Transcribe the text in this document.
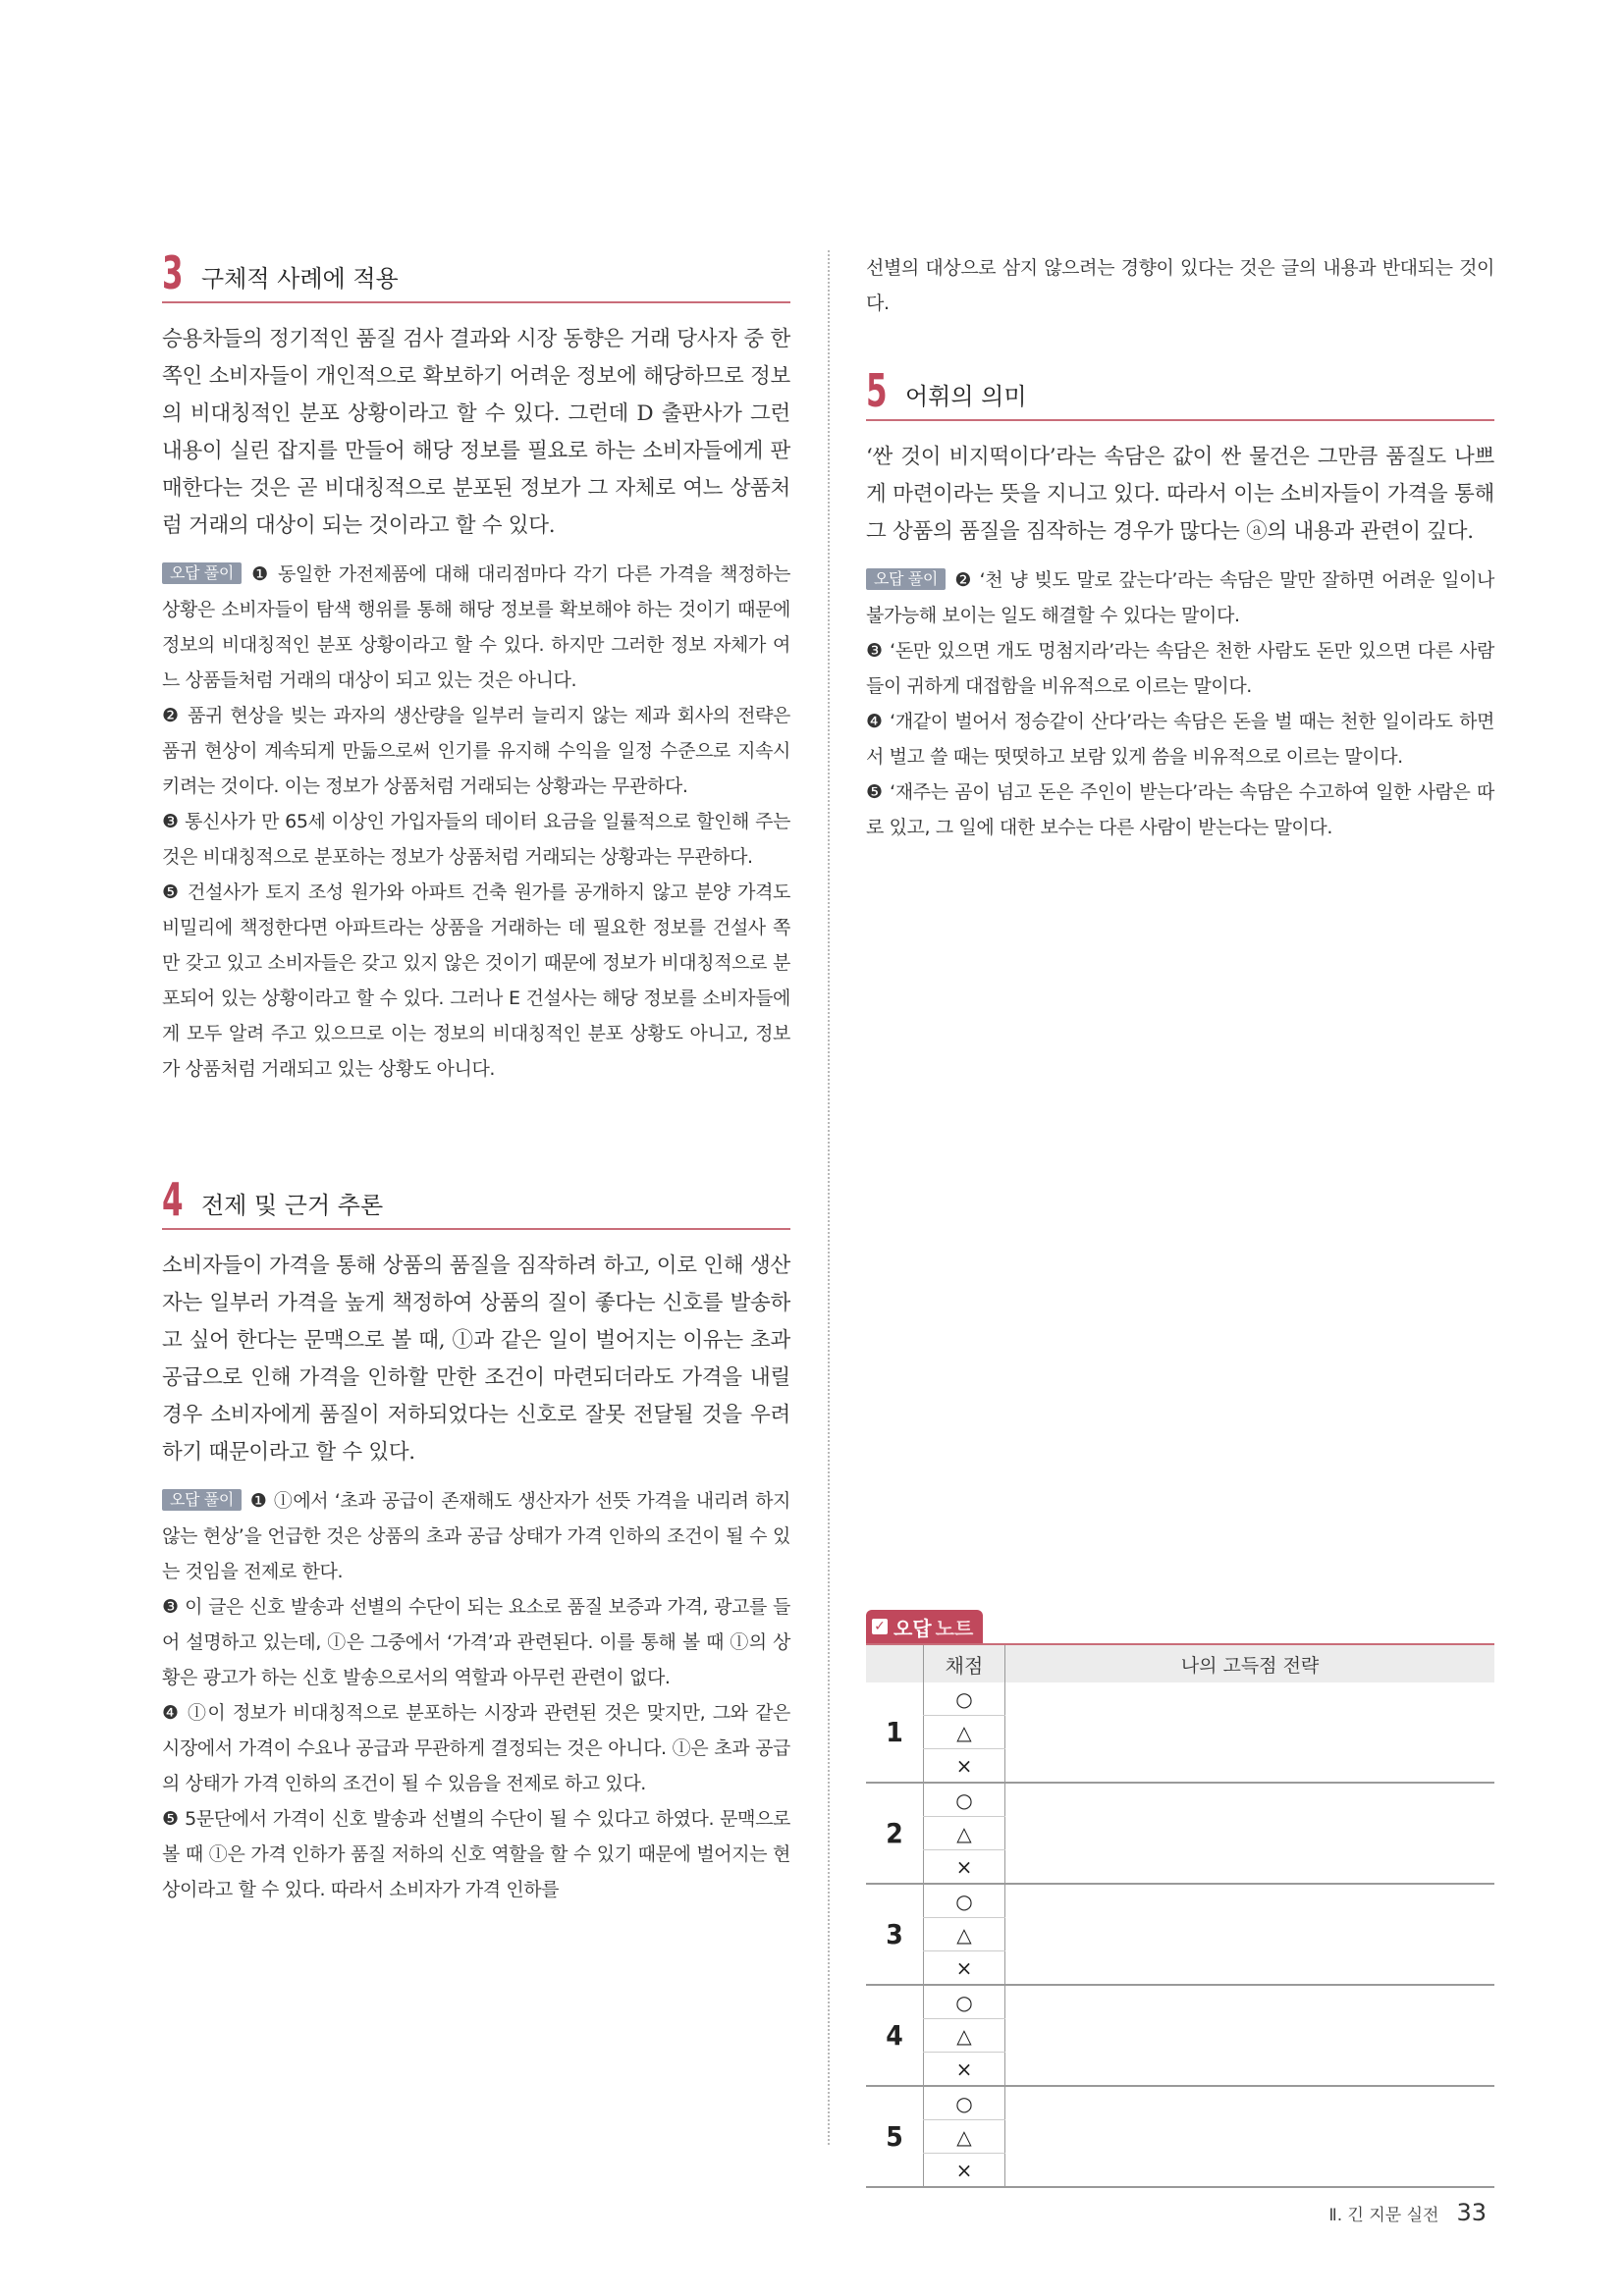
3 구체적 사례에 적용

승용차들의 정기적인 품질 검사 결과와 시장 동향은 거래 당사자 중 한쪽인 소비자들이 개인적으로 확보하기 어려운 정보에 해당하므로 정보의 비대칭적인 분포 상황이라고 할 수 있다. 그런데 D 출판사가 그런 내용이 실린 잡지를 만들어 해당 정보를 필요로 하는 소비자들에게 판매한다는 것은 곧 비대칭적으로 분포된 정보가 그 자체로 여느 상품처럼 거래의 대상이 되는 것이라고 할 수 있다.

오답 풀이 ❶ 동일한 가전제품에 대해 대리점마다 각기 다른 가격을 책정하는 상황은 소비자들이 탐색 행위를 통해 해당 정보를 확보해야 하는 것이기 때문에 정보의 비대칭적인 분포 상황이라고 할 수 있다. 하지만 그러한 정보 자체가 여느 상품들처럼 거래의 대상이 되고 있는 것은 아니다.

❷ 품귀 현상을 빚는 과자의 생산량을 일부러 늘리지 않는 제과 회사의 전략은 품귀 현상이 계속되게 만듦으로써 인기를 유지해 수익을 일정 수준으로 지속시키려는 것이다. 이는 정보가 상품처럼 거래되는 상황과는 무관하다.

❸ 통신사가 만 65세 이상인 가입자들의 데이터 요금을 일률적으로 할인해 주는 것은 비대칭적으로 분포하는 정보가 상품처럼 거래되는 상황과는 무관하다.

❺ 건설사가 토지 조성 원가와 아파트 건축 원가를 공개하지 않고 분양 가격도 비밀리에 책정한다면 아파트라는 상품을 거래하는 데 필요한 정보를 건설사 쪽만 갖고 있고 소비자들은 갖고 있지 않은 것이기 때문에 정보가 비대칭적으로 분포되어 있는 상황이라고 할 수 있다. 그러나 E 건설사는 해당 정보를 소비자들에게 모두 알려 주고 있으므로 이는 정보의 비대칭적인 분포 상황도 아니고, 정보가 상품처럼 거래되고 있는 상황도 아니다.

4 전제 및 근거 추론

소비자들이 가격을 통해 상품의 품질을 짐작하려 하고, 이로 인해 생산자는 일부러 가격을 높게 책정하여 상품의 질이 좋다는 신호를 발송하고 싶어 한다는 문맥으로 볼 때, ⓛ과 같은 일이 벌어지는 이유는 초과 공급으로 인해 가격을 인하할 만한 조건이 마련되더라도 가격을 내릴 경우 소비자에게 품질이 저하되었다는 신호로 잘못 전달될 것을 우려하기 때문이라고 할 수 있다.

오답 풀이 ❶ ⓛ에서 ‘초과 공급이 존재해도 생산자가 선뜻 가격을 내리려 하지 않는 현상’을 언급한 것은 상품의 초과 공급 상태가 가격 인하의 조건이 될 수 있는 것임을 전제로 한다.

❸ 이 글은 신호 발송과 선별의 수단이 되는 요소로 품질 보증과 가격, 광고를 들어 설명하고 있는데, ⓛ은 그중에서 ‘가격’과 관련된다. 이를 통해 볼 때 ⓛ의 상황은 광고가 하는 신호 발송으로서의 역할과 아무런 관련이 없다.

❹ ⓛ이 정보가 비대칭적으로 분포하는 시장과 관련된 것은 맞지만, 그와 같은 시장에서 가격이 수요나 공급과 무관하게 결정되는 것은 아니다. ⓛ은 초과 공급의 상태가 가격 인하의 조건이 될 수 있음을 전제로 하고 있다.

❺ 5문단에서 가격이 신호 발송과 선별의 수단이 될 수 있다고 하였다. 문맥으로 볼 때 ⓛ은 가격 인하가 품질 저하의 신호 역할을 할 수 있기 때문에 벌어지는 현상이라고 할 수 있다. 따라서 소비자가 가격 인하를

선별의 대상으로 삼지 않으려는 경향이 있다는 것은 글의 내용과 반대되는 것이다.

5 어휘의 의미

‘싼 것이 비지떡이다’라는 속담은 값이 싼 물건은 그만큼 품질도 나쁘게 마련이라는 뜻을 지니고 있다. 따라서 이는 소비자들이 가격을 통해 그 상품의 품질을 짐작하는 경우가 많다는 ⓐ의 내용과 관련이 깊다.

오답 풀이 ❷ ‘천 냥 빚도 말로 갚는다’라는 속담은 말만 잘하면 어려운 일이나 불가능해 보이는 일도 해결할 수 있다는 말이다.

❸ ‘돈만 있으면 개도 멍첨지라’라는 속담은 천한 사람도 돈만 있으면 다른 사람들이 귀하게 대접함을 비유적으로 이르는 말이다.

❹ ‘개같이 벌어서 정승같이 산다’라는 속담은 돈을 벌 때는 천한 일이라도 하면서 벌고 쓸 때는 떳떳하고 보람 있게 씀을 비유적으로 이르는 말이다.

❺ ‘재주는 곰이 넘고 돈은 주인이 받는다’라는 속담은 수고하여 일한 사람은 따로 있고, 그 일에 대한 보수는 다른 사람이 받는다는 말이다.

✓ 오답 노트
	채점	나의 고득점 전략
1	○	
	△	
	×	
2	○	
	△	
	×	
3	○	
	△	
	×	
4	○	
	△	
	×	
5	○	
	△	
	×	
Ⅱ. 긴 지문 실전 33
